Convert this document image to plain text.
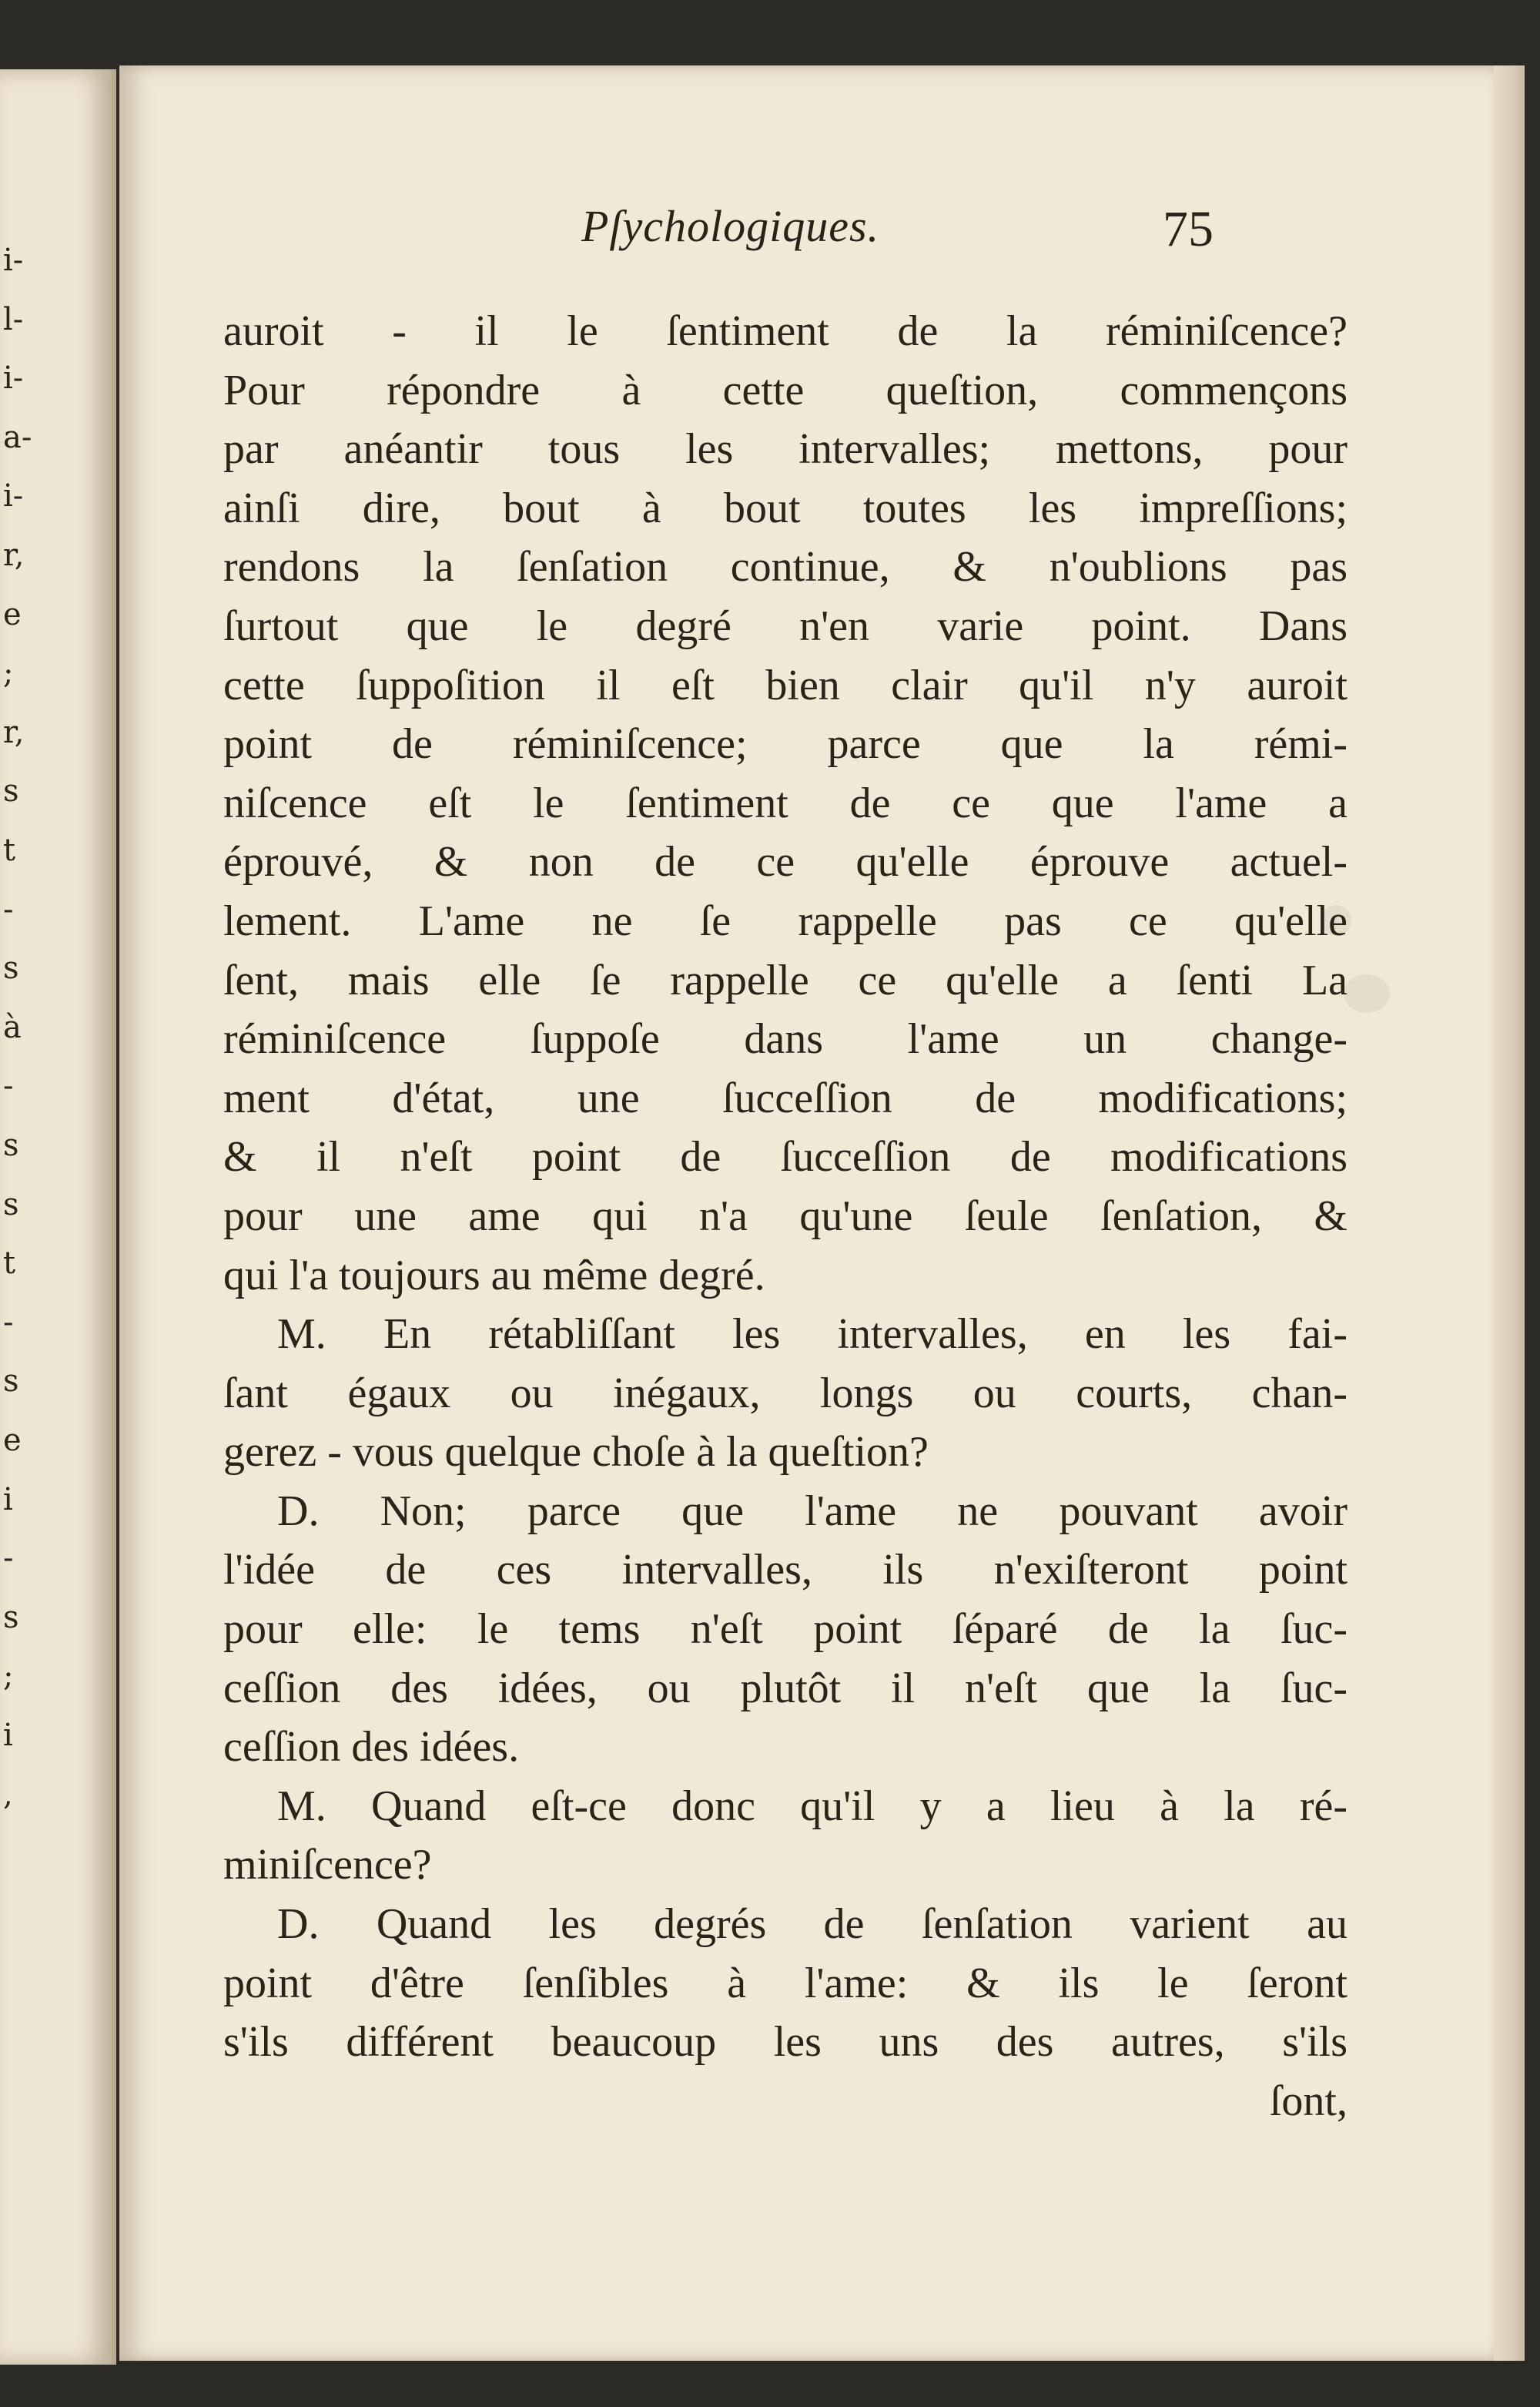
i-
l-
i-
a-
i-
r,
e
;
r,
s
t
-
s
à
-
s
s
t
-
s
e
i
-
s
;
i
,
Pſychologiques.	75
auroit - il le ſentiment de la réminiſcence?
Pour répondre à cette queſtion, commençons
par anéantir tous les intervalles; mettons, pour
ainſi dire, bout à bout toutes les impreſſions;
rendons la ſenſation continue, & n'oublions pas
ſurtout que le degré n'en varie point. Dans
cette ſuppoſition il eſt bien clair qu'il n'y auroit
point de réminiſcence; parce que la rémi-
niſcence eſt le ſentiment de ce que l'ame a
éprouvé, & non de ce qu'elle éprouve actuel-
lement. L'ame ne ſe rappelle pas ce qu'elle
ſent, mais elle ſe rappelle ce qu'elle a ſenti La
réminiſcence ſuppoſe dans l'ame un change-
ment d'état, une ſucceſſion de modifications;
& il n'eſt point de ſucceſſion de modifications
pour une ame qui n'a qu'une ſeule ſenſation, &
qui l'a toujours au même degré.
M. En rétabliſſant les intervalles, en les fai-
ſant égaux ou inégaux, longs ou courts, chan-
gerez - vous quelque choſe à la queſtion?
D. Non; parce que l'ame ne pouvant avoir
l'idée de ces intervalles, ils n'exiſteront point
pour elle: le tems n'eſt point ſéparé de la ſuc-
ceſſion des idées, ou plutôt il n'eſt que la ſuc-
ceſſion des idées.
M. Quand eſt-ce donc qu'il y a lieu à la ré-
miniſcence?
D. Quand les degrés de ſenſation varient au
point d'être ſenſibles à l'ame: & ils le ſeront
s'ils différent beaucoup les uns des autres, s'ils
ſont,
